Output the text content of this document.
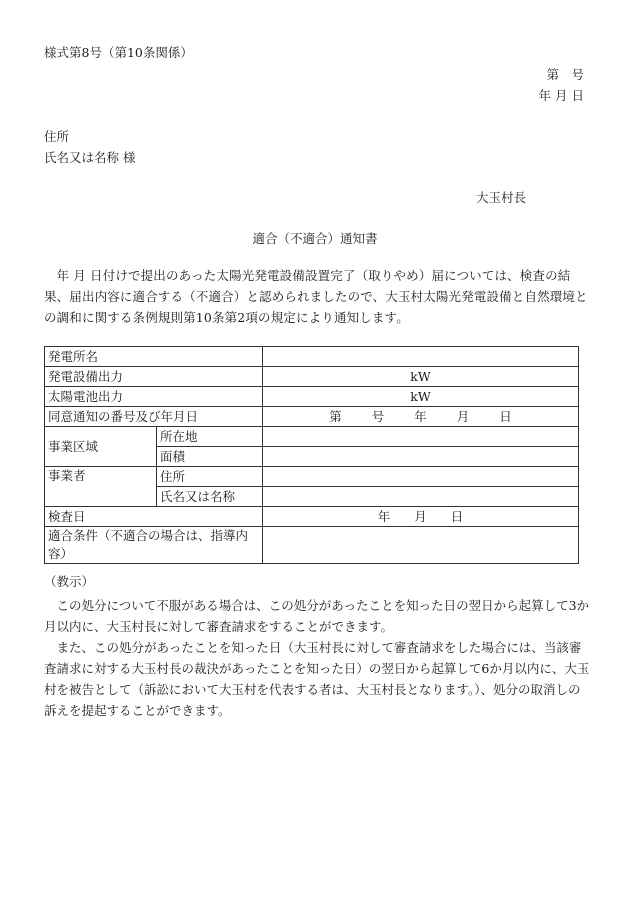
様式第8号（第10条関係）
第　号
年 月 日
住所
氏名又は名称 様
大玉村長
適合（不適合）通知書
年 月 日付けで提出のあった太陽光発電設備設置完了（取りやめ）届については、検査の結果、届出内容に適合する（不適合）と認められましたので、大玉村太陽光発電設備と自然環境との調和に関する条例規則第10条第2項の規定により通知します。
発電所名		
発電設備出力		kW
太陽電池出力		kW
同意通知の番号及び年月日		第 号 年 月 日
事業区域	所在地	
	面積	
事業者	住所	
	氏名又は名称	
検査日		年 月 日
適合条件（不適合の場合は、指導内容）		
（教示）
この処分について不服がある場合は、この処分があったことを知った日の翌日から起算して3か月以内に、大玉村長に対して審査請求をすることができます。
また、この処分があったことを知った日（大玉村長に対して審査請求をした場合には、当該審査請求に対する大玉村長の裁決があったことを知った日）の翌日から起算して6か月以内に、大玉村を被告として（訴訟において大玉村を代表する者は、大玉村長となります。）、処分の取消しの訴えを提起することができます。
